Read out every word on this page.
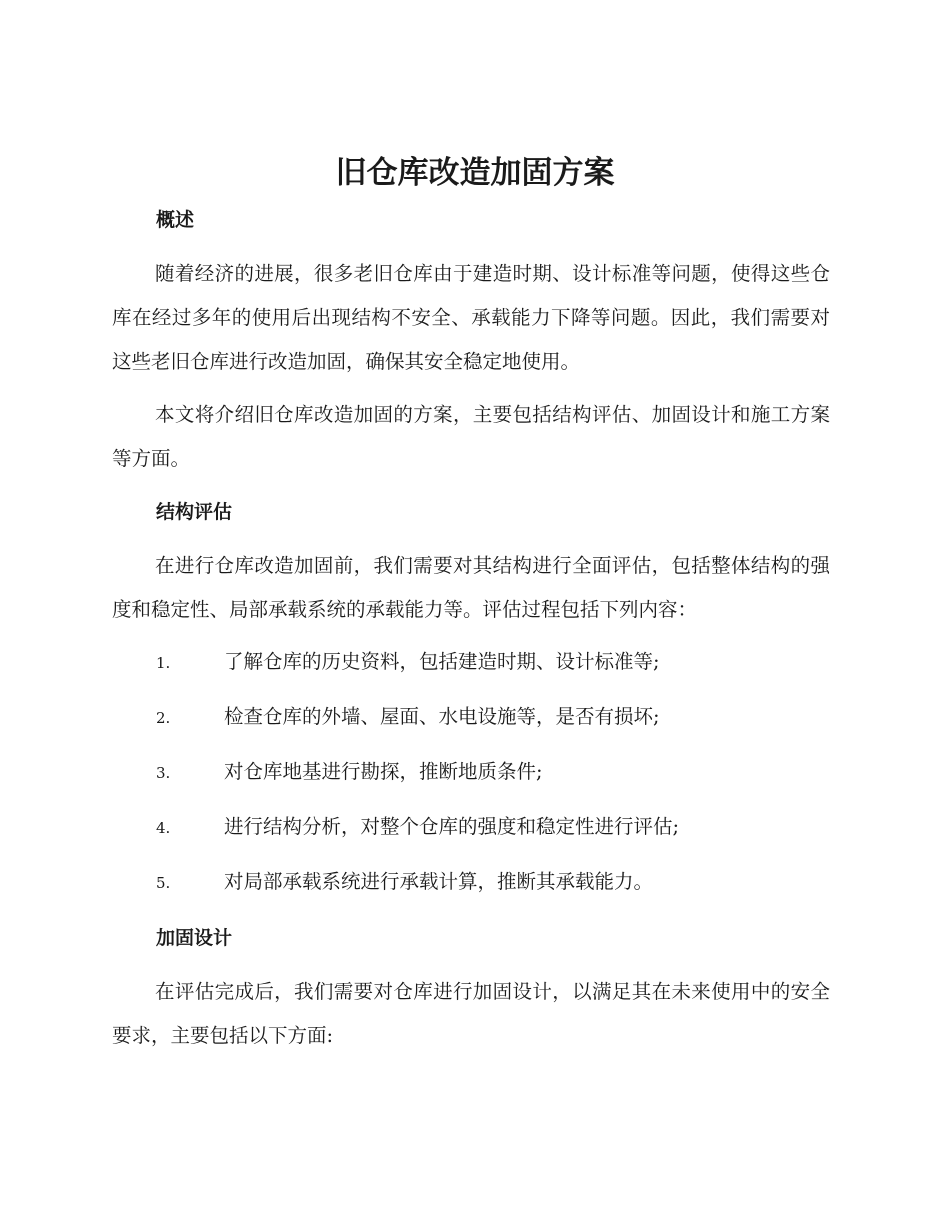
旧仓库改造加固方案
概述
随着经济的进展，很多老旧仓库由于建造时期、设计标准等问题，使得这些仓库在经过多年的使用后出现结构不安全、承载能力下降等问题。因此，我们需要对这些老旧仓库进行改造加固，确保其安全稳定地使用。
本文将介绍旧仓库改造加固的方案，主要包括结构评估、加固设计和施工方案等方面。
结构评估
在进行仓库改造加固前，我们需要对其结构进行全面评估，包括整体结构的强度和稳定性、局部承载系统的承载能力等。评估过程包括下列内容：
1.	了解仓库的历史资料，包括建造时期、设计标准等;
2.	检查仓库的外墙、屋面、水电设施等，是否有损坏;
3.	对仓库地基进行勘探，推断地质条件;
4.	进行结构分析，对整个仓库的强度和稳定性进行评估;
5.	对局部承载系统进行承载计算，推断其承载能力。
加固设计
在评估完成后，我们需要对仓库进行加固设计，以满足其在未来使用中的安全要求，主要包括以下方面:
